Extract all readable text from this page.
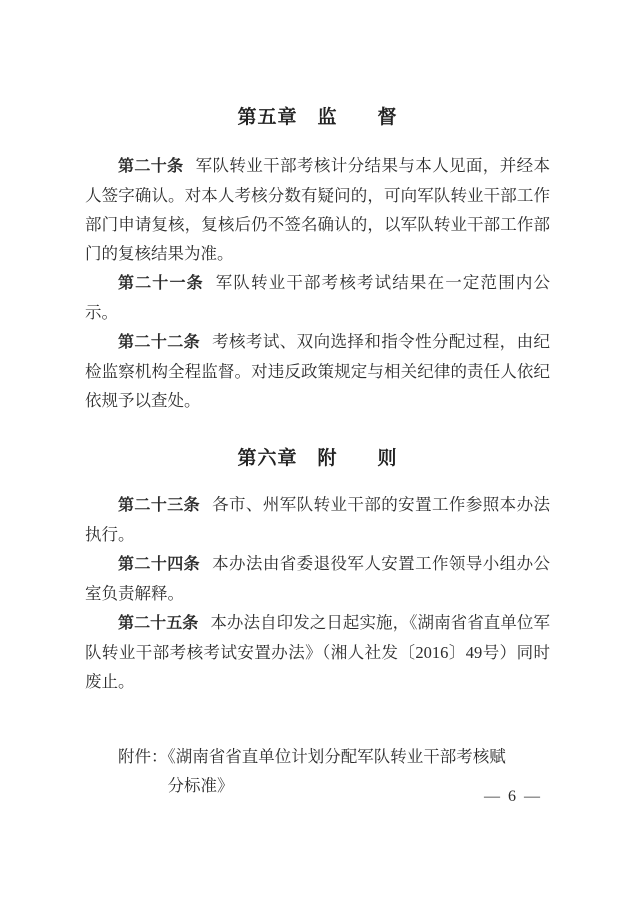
第五章　监　　督

第二十条 军队转业干部考核计分结果与本人见面，并经本人签字确认。对本人考核分数有疑问的，可向军队转业干部工作部门申请复核，复核后仍不签名确认的，以军队转业干部工作部门的复核结果为准。

第二十一条 军队转业干部考核考试结果在一定范围内公示。

第二十二条 考核考试、双向选择和指令性分配过程，由纪检监察机构全程监督。对违反政策规定与相关纪律的责任人依纪依规予以查处。

第六章　附　　则

第二十三条 各市、州军队转业干部的安置工作参照本办法执行。

第二十四条 本办法由省委退役军人安置工作领导小组办公室负责解释。

第二十五条 本办法自印发之日起实施，《湖南省省直单位军队转业干部考核考试安置办法》（湘人社发〔2016〕49号）同时废止。

附件：《湖南省省直单位计划分配军队转业干部考核赋
分标准》
— 6 —
